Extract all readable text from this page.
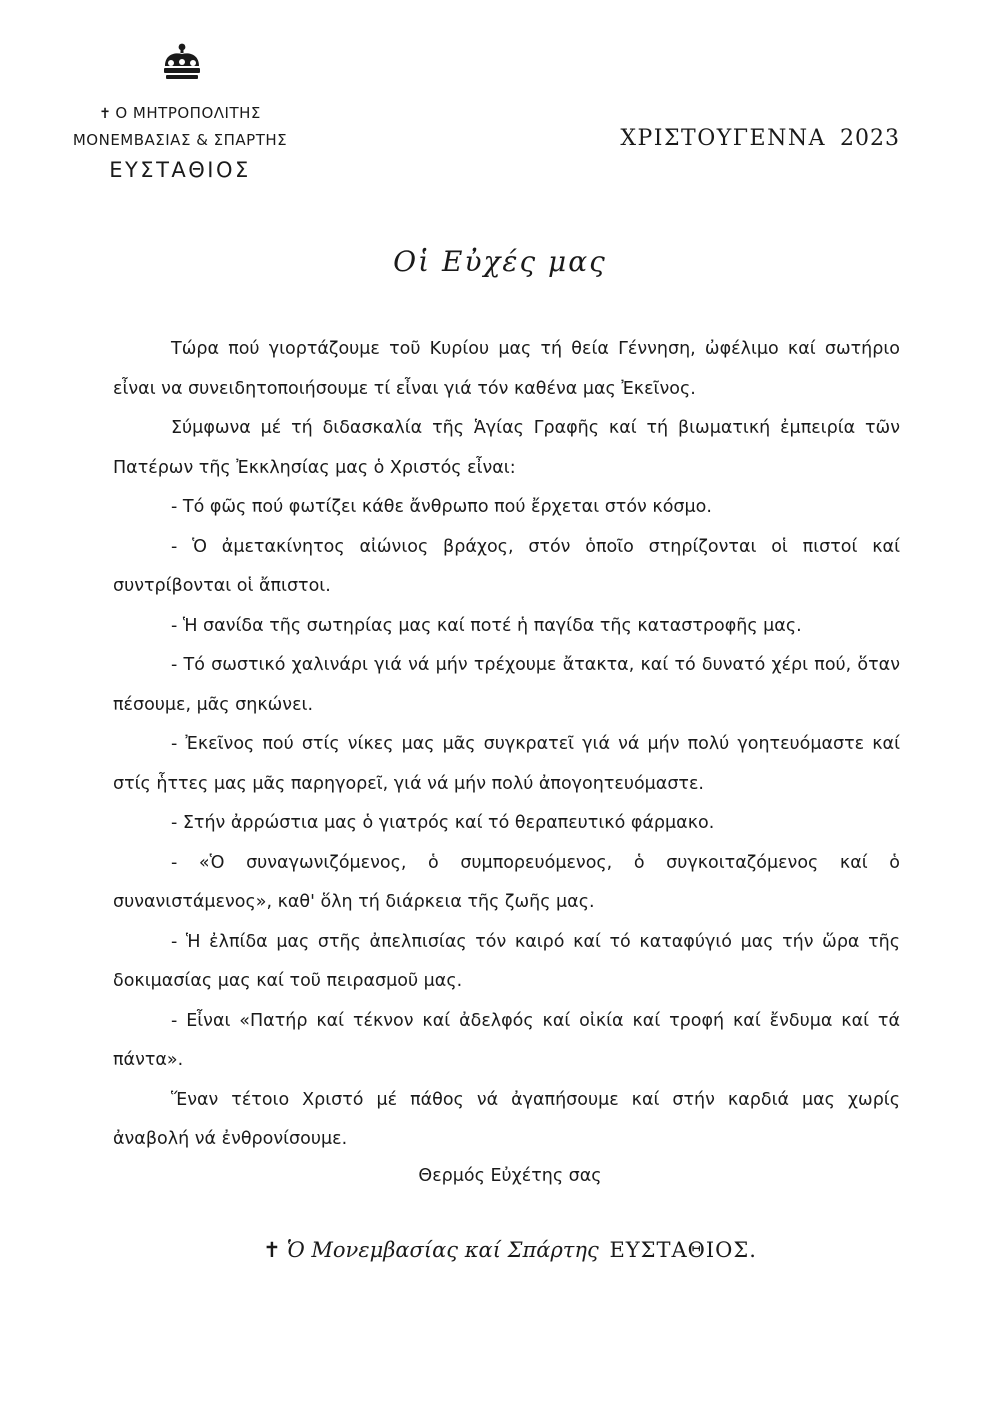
✝ Ο ΜΗΤΡΟΠΟΛΙΤΗΣ
ΜΟΝΕΜΒΑΣΙΑΣ & ΣΠΑΡΤΗΣ
ΕΥΣΤΑΘΙΟΣ
ΧΡΙΣΤΟΥΓΕΝΝΑ 2023
Οἱ Εὐχές μας

Τώρα πού γιορτάζουμε τοῦ Κυρίου μας τή θεία Γέννηση, ὠφέλιμο καί σωτήριο εἶναι να συνειδητοποιήσουμε τί εἶναι γιά τόν καθένα μας Ἐκεῖνος.

Σύμφωνα μέ τή διδασκαλία τῆς Ἁγίας Γραφῆς καί τή βιωματική ἐμπειρία τῶν Πατέρων τῆς Ἐκκλησίας μας ὁ Χριστός εἶναι:

- Τό φῶς πού φωτίζει κάθε ἄνθρωπο πού ἔρχεται στόν κόσμο.

- Ὁ ἀμετακίνητος αἰώνιος βράχος, στόν ὁποῖο στηρίζονται οἱ πιστοί καί συντρίβονται οἱ ἄπιστοι.

- Ἡ σανίδα τῆς σωτηρίας μας καί ποτέ ἡ παγίδα τῆς καταστροφῆς μας.

- Τό σωστικό χαλινάρι γιά νά μήν τρέχουμε ἄτακτα, καί τό δυνατό χέρι πού, ὅταν πέσουμε, μᾶς σηκώνει.

- Ἐκεῖνος πού στίς νίκες μας μᾶς συγκρατεῖ γιά νά μήν πολύ γοητευόμαστε καί στίς ἧττες μας μᾶς παρηγορεῖ, γιά νά μήν πολύ ἀπογοητευόμαστε.

- Στήν ἀρρώστια μας ὁ γιατρός καί τό θεραπευτικό φάρμακο.

- «Ὁ συναγωνιζόμενος, ὁ συμπορευόμενος, ὁ συγκοιταζόμενος καί ὁ συνανιστάμενος», καθ' ὅλη τή διάρκεια τῆς ζωῆς μας.

- Ἡ ἐλπίδα μας στῆς ἀπελπισίας τόν καιρό καί τό καταφύγιό μας τήν ὥρα τῆς δοκιμασίας μας καί τοῦ πειρασμοῦ μας.

- Εἶναι «Πατήρ καί τέκνον καί ἀδελφός καί οἰκία καί τροφή καί ἔνδυμα καί τά πάντα».

Ἕναν τέτοιο Χριστό μέ πάθος νά ἀγαπήσουμε καί στήν καρδιά μας χωρίς ἀναβολή νά ἐνθρονίσουμε.

Θερμός Εὐχέτης σας
✝ Ὁ Μονεμβασίας καί Σπάρτης ΕΥΣΤΑΘΙΟΣ.
